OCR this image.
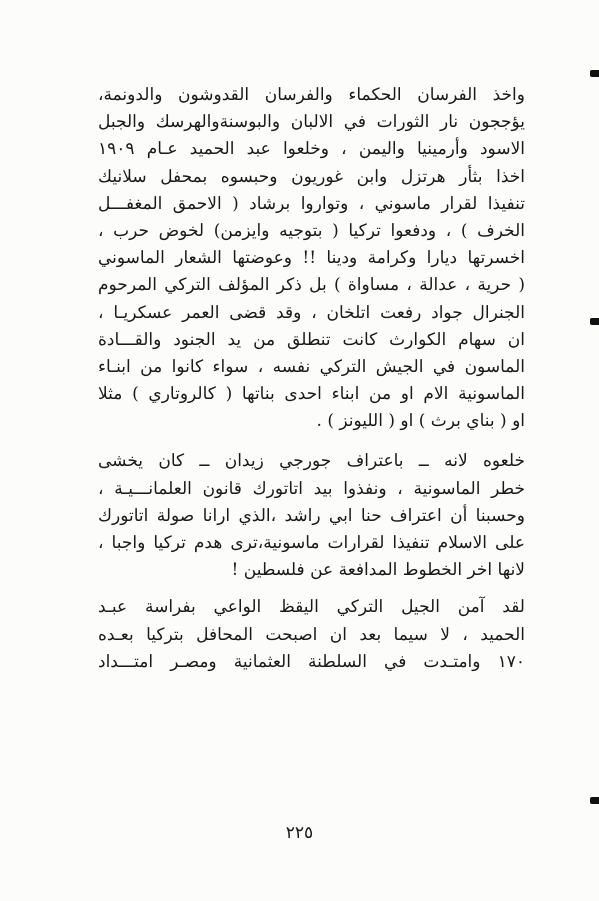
واخذ الفرسان الحكماء والفرسان القدوشون والدونمة،
يؤججون نار الثورات في الالبان والبوسنةوالهرسك والجبل
الاسود وأرمينيا واليمن ، وخلعوا عبد الحميد عـام ١٩٠٩
اخذا بثأر هرتزل وابن غوريون وحبسوه بمحفل سلانيك
تنفيذا لقرار ماسوني ، وتواروا برشاد ( الاحمق المغفـــل
الخرف ) ، ودفعوا تركيا ( بتوجيه وايزمن) لخوض حرب ،
اخسرتها ديارا وكرامة ودينا !! وعوضتها الشعار الماسوني
( حرية ، عدالة ، مساواة ) بل ذكر المؤلف التركي المرحوم
الجنرال جواد رفعت اتلخان ، وقد قضى العمر عسكريـا ،
ان سهام الكوارث كانت تنطلق من يد الجنود والقـــادة
الماسون في الجيش التركي نفسه ، سواء كانوا من ابنـاء
الماسونية الام او من ابناء احدى بناتها ( كالروتاري ) مثلا
او ( بناي برث ) او ( الليونز ) .
خلعوه لانه ــ باعتراف جورجي زيدان ــ كان يخشى
خطر الماسونية ، ونفذوا بيد اتاتورك قانون العلمانـــيـة ،
وحسبنا أن اعتراف حنا ابي راشد ،الذي ارانا صولة اتاتورك
على الاسلام تنفيذا لقرارات ماسونية،ترى هدم تركيا واجبا ،
لانها اخر الخطوط المدافعة عن فلسطين !
لقد آمن الجيل التركي اليقظ الواعي بفراسة عبـد
الحميد ، لا سيما بعد ان اصبحت المحافل بتركيا بعـده
١٧٠ وامتـدت في السلطنة العثمانية ومصـر امتـــداد
٢٢٥
